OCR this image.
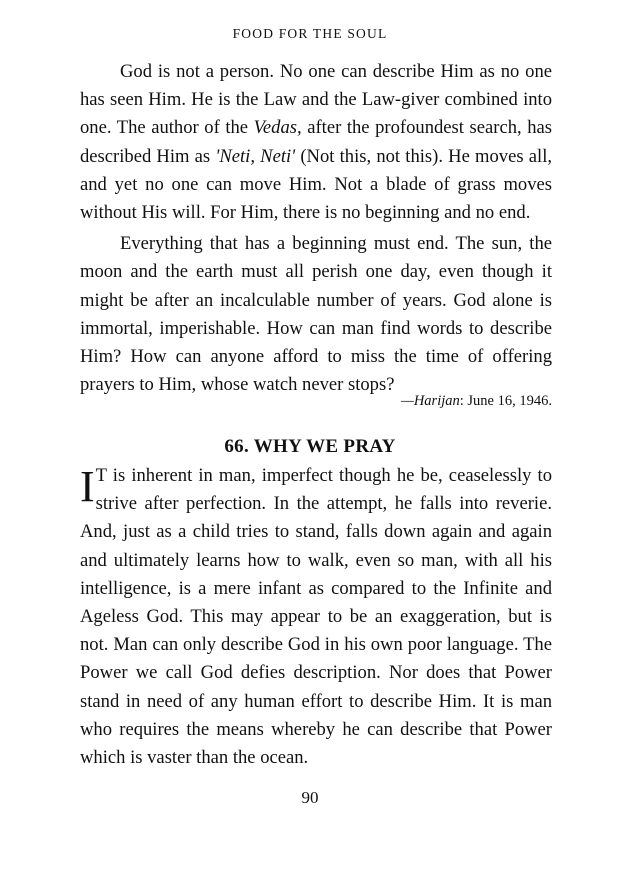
FOOD FOR THE SOUL

God is not a person. No one can describe Him as no one has seen Him. He is the Law and the Law-giver combined into one. The author of the Vedas, after the profoundest search, has described Him as 'Neti, Neti' (Not this, not this). He moves all, and yet no one can move Him. Not a blade of grass moves without His will. For Him, there is no beginning and no end.

Everything that has a beginning must end. The sun, the moon and the earth must all perish one day, even though it might be after an incalculable number of years. God alone is immortal, imperishable. How can man find words to describe Him? How can anyone afford to miss the time of offering prayers to Him, whose watch never stops?

—Harijan: June 16, 1946.
66. WHY WE PRAY

I T is inherent in man, imperfect though he be, ceaselessly to strive after perfection. In the attempt, he falls into reverie. And, just as a child tries to stand, falls down again and again and ultimately learns how to walk, even so man, with all his intelligence, is a mere infant as compared to the Infinite and Ageless God. This may appear to be an exaggeration, but is not. Man can only describe God in his own poor language. The Power we call God defies description. Nor does that Power stand in need of any human effort to describe Him. It is man who requires the means whereby he can describe that Power which is vaster than the ocean.

90
